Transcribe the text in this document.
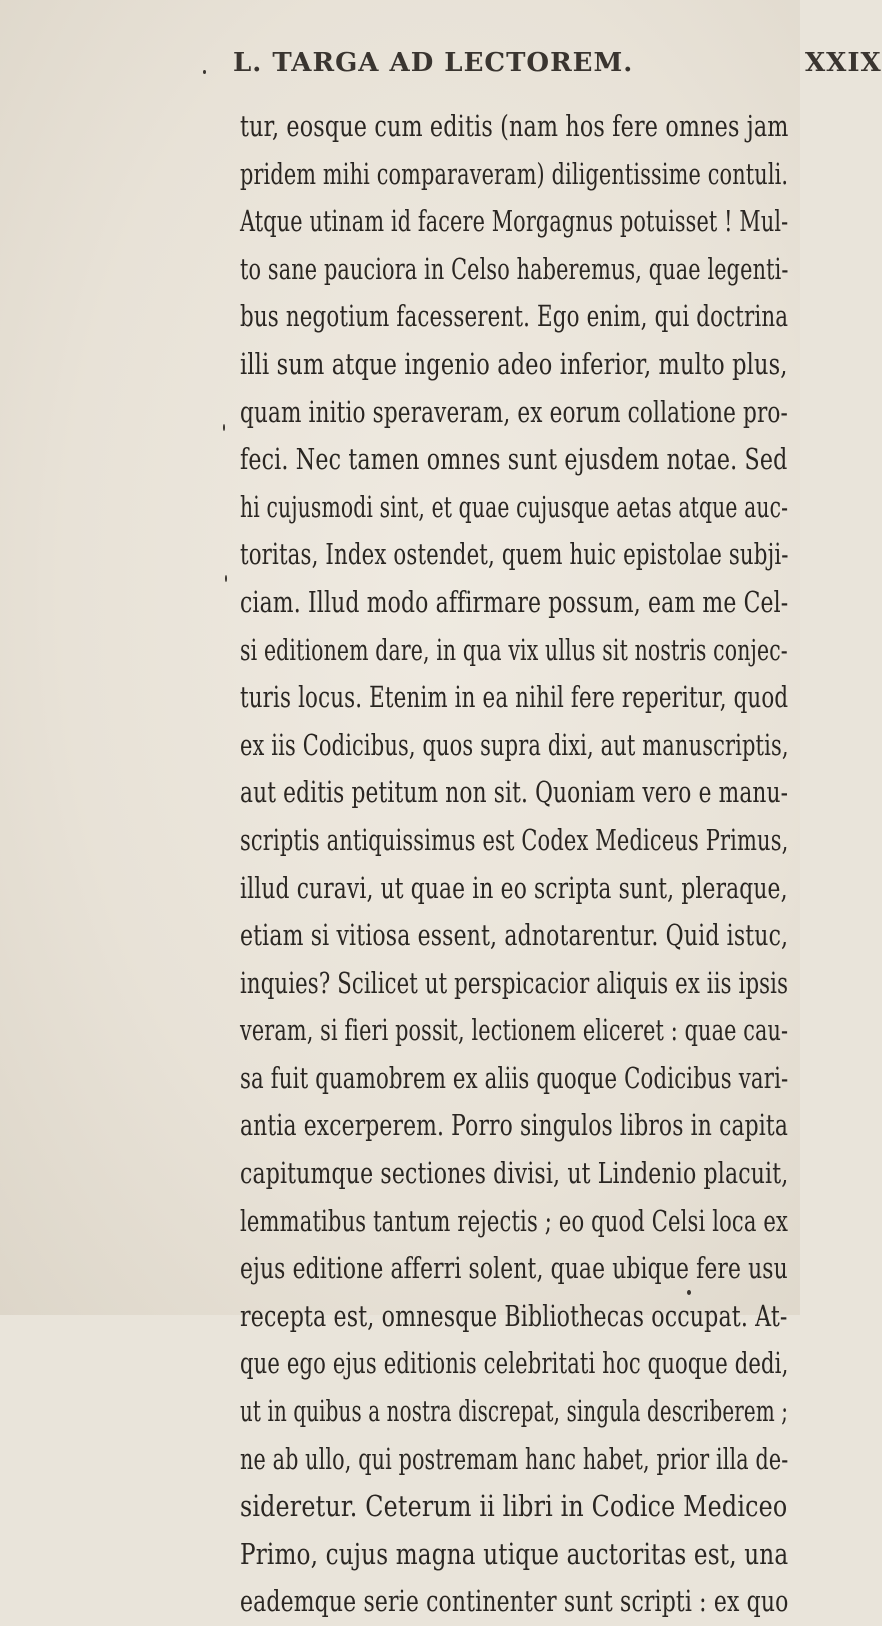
L. TARGA AD LECTOREM.	XXIX
tur, eosque cum editis (nam hos fere omnes jam
pridem mihi comparaveram) diligentissime contuli.
Atque utinam id facere Morgagnus potuisset ! Mul-
to sane pauciora in Celso haberemus, quae legenti-
bus negotium facesserent. Ego enim, qui doctrina
illi sum atque ingenio adeo inferior, multo plus,
quam initio speraveram, ex eorum collatione pro-
feci. Nec tamen omnes sunt ejusdem notae. Sed
hi cujusmodi sint, et quae cujusque aetas atque auc-
toritas, Index ostendet, quem huic epistolae subji-
ciam. Illud modo affirmare possum, eam me Cel-
si editionem dare, in qua vix ullus sit nostris conjec-
turis locus. Etenim in ea nihil fere reperitur, quod
ex iis Codicibus, quos supra dixi, aut manuscriptis,
aut editis petitum non sit. Quoniam vero e manu-
scriptis antiquissimus est Codex Mediceus Primus,
illud curavi, ut quae in eo scripta sunt, pleraque,
etiam si vitiosa essent, adnotarentur. Quid istuc,
inquies? Scilicet ut perspicacior aliquis ex iis ipsis
veram, si fieri possit, lectionem eliceret : quae cau-
sa fuit quamobrem ex aliis quoque Codicibus vari-
antia excerperem. Porro singulos libros in capita
capitumque sectiones divisi, ut Lindenio placuit,
lemmatibus tantum rejectis ; eo quod Celsi loca ex
ejus editione afferri solent, quae ubique fere usu
recepta est, omnesque Bibliothecas occupat. At-
que ego ejus editionis celebritati hoc quoque dedi,
ut in quibus a nostra discrepat, singula describerem ;
ne ab ullo, qui postremam hanc habet, prior illa de-
sideretur. Ceterum ii libri in Codice Mediceo
Primo, cujus magna utique auctoritas est, una
eademque serie continenter sunt scripti : ex quo
